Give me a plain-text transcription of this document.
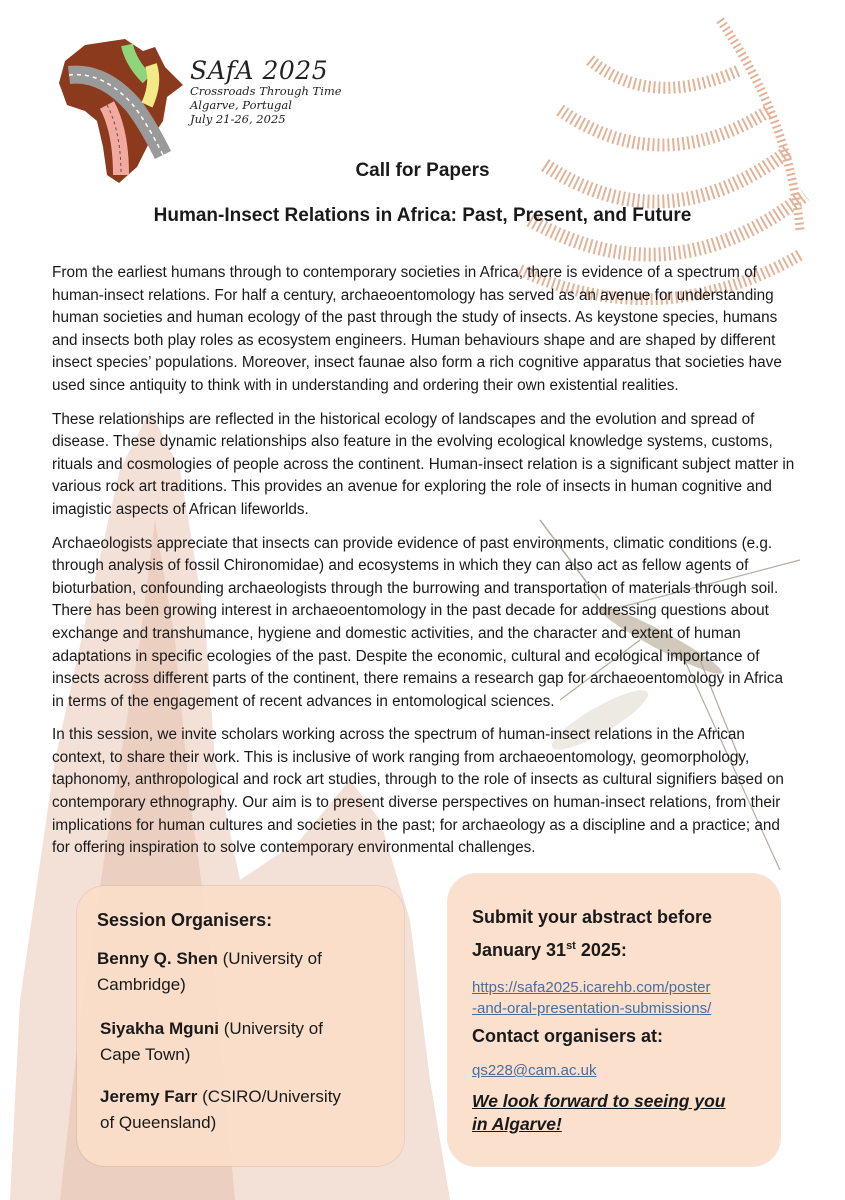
SAfA 2025
Crossroads Through Time
Algarve, Portugal
July 21-26, 2025
Call for Papers
Human-Insect Relations in Africa: Past, Present, and Future

From the earliest humans through to contemporary societies in Africa, there is evidence of a spectrum of human-insect relations. For half a century, archaeoentomology has served as an avenue for understanding human societies and human ecology of the past through the study of insects. As keystone species, humans and insects both play roles as ecosystem engineers. Human behaviours shape and are shaped by different insect species’ populations. Moreover, insect faunae also form a rich cognitive apparatus that societies have used since antiquity to think with in understanding and ordering their own existential realities.

These relationships are reflected in the historical ecology of landscapes and the evolution and spread of disease. These dynamic relationships also feature in the evolving ecological knowledge systems, customs, rituals and cosmologies of people across the continent. Human-insect relation is a significant subject matter in various rock art traditions. This provides an avenue for exploring the role of insects in human cognitive and imagistic aspects of African lifeworlds.

Archaeologists appreciate that insects can provide evidence of past environments, climatic conditions (e.g. through analysis of fossil Chironomidae) and ecosystems in which they can also act as fellow agents of bioturbation, confounding archaeologists through the burrowing and transportation of materials through soil. There has been growing interest in archaeoentomology in the past decade for addressing questions about exchange and transhumance, hygiene and domestic activities, and the character and extent of human adaptations in specific ecologies of the past. Despite the economic, cultural and ecological importance of insects across different parts of the continent, there remains a research gap for archaeoentomology in Africa in terms of the engagement of recent advances in entomological sciences.

In this session, we invite scholars working across the spectrum of human-insect relations in the African context, to share their work. This is inclusive of work ranging from archaeoentomology, geomorphology, taphonomy, anthropological and rock art studies, through to the role of insects as cultural signifiers based on contemporary ethnography. Our aim is to present diverse perspectives on human-insect relations, from their implications for human cultures and societies in the past; for archaeology as a discipline and a practice; and for offering inspiration to solve contemporary environmental challenges.

Session Organisers:
Benny Q. Shen (University of
Cambridge)
Siyakha Mguni (University of
Cape Town)
Jeremy Farr (CSIRO/University
of Queensland)
Submit your abstract before
January 31st 2025:
https://safa2025.icarehb.com/poster
-and-oral-presentation-submissions/
Contact organisers at:
qs228@cam.ac.uk
We look forward to seeing you
in Algarve!
